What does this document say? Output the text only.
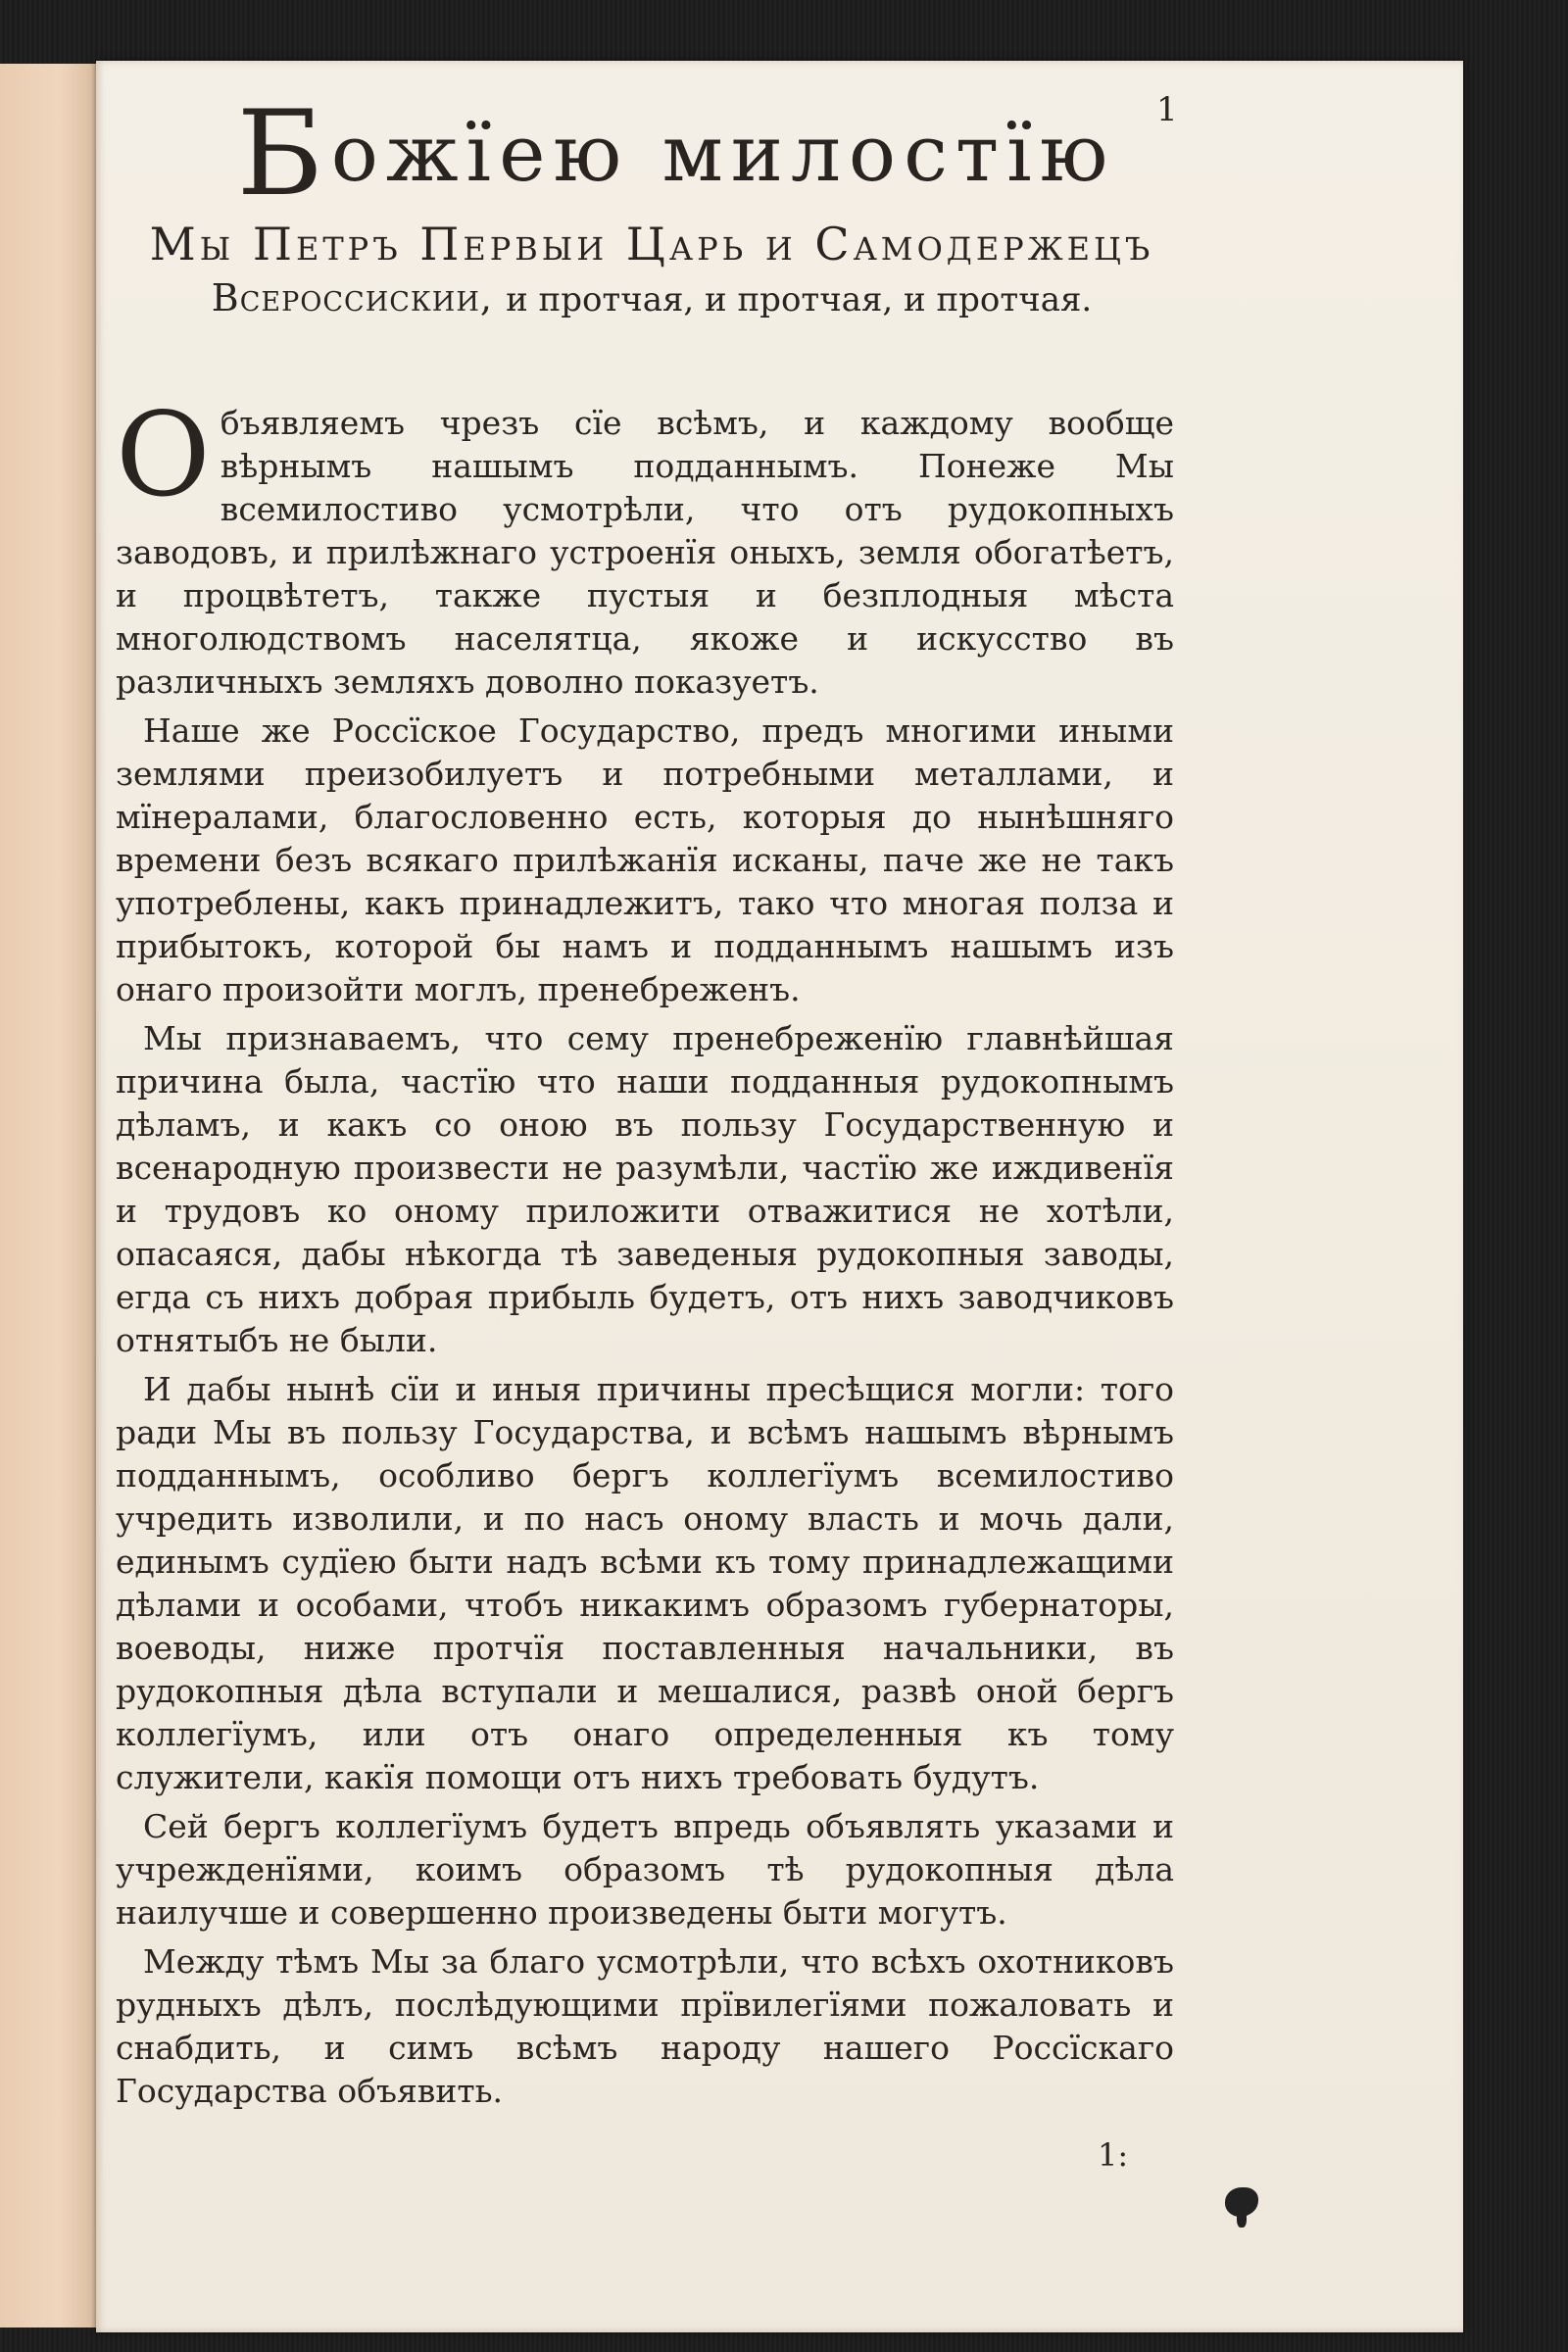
1
Божїею милостїю
Мы Петръ Первыи Царь и Самодержецъ
Всероссискии, и протчая, и протчая, и протчая.

Объявляемъ чрезъ сїе всѣмъ, и каждому вообще вѣрнымъ нашымъ подданнымъ. Понеже Мы всемилостиво усмотрѣли, что отъ рудокопныхъ заводовъ, и прилѣжнаго устроенїя оныхъ, земля обогатѣетъ, и процвѣтетъ, также пустыя и безплодныя мѣста многолюдствомъ населятца, якоже и искусство въ различныхъ земляхъ доволно показуетъ.

Наше же Россїское Государство, предъ многими иными землями преизобилуетъ и потребными металлами, и мїнералами, благословенно есть, которыя до нынѣшняго времени безъ всякаго прилѣжанїя исканы, паче же не такъ употреблены, какъ принадлежитъ, тако что многая полза и прибытокъ, которой бы намъ и подданнымъ нашымъ изъ онаго произойти моглъ, пренебреженъ.

Мы признаваемъ, что сему пренебреженїю главнѣйшая причина была, частїю что наши подданныя рудокопнымъ дѣламъ, и какъ со оною въ пользу Государственную и всенародную произвести не разумѣли, частїю же иждивенїя и трудовъ ко оному приложити отважитися не хотѣли, опасаяся, дабы нѣкогда тѣ заведеныя рудокопныя заводы, егда съ нихъ добрая прибыль будетъ, отъ нихъ заводчиковъ отнятыбъ не были.

И дабы нынѣ сїи и иныя причины пресѣщися могли: того ради Мы въ пользу Государства, и всѣмъ нашымъ вѣрнымъ подданнымъ, особливо бергъ коллегїумъ всемилостиво учредить изволили, и по насъ оному власть и мочь дали, единымъ судїею быти надъ всѣми къ тому принадлежащими дѣлами и особами, чтобъ никакимъ образомъ губернаторы, воеводы, ниже протчїя поставленныя начальники, въ рудокопныя дѣла вступали и мешалися, развѣ оной бергъ коллегїумъ, или отъ онаго определенныя къ тому служители, какїя помощи отъ нихъ требовать будутъ.

Сей бергъ коллегїумъ будетъ впредь объявлять указами и учрежденїями, коимъ образомъ тѣ рудокопныя дѣла наилучше и совершенно произведены быти могутъ.

Между тѣмъ Мы за благо усмотрѣли, что всѣхъ охотниковъ рудныхъ дѣлъ, послѣдующими прївилегїями пожаловать и снабдить, и симъ всѣмъ народу нашего Россїскаго Государства объявить.

1:
